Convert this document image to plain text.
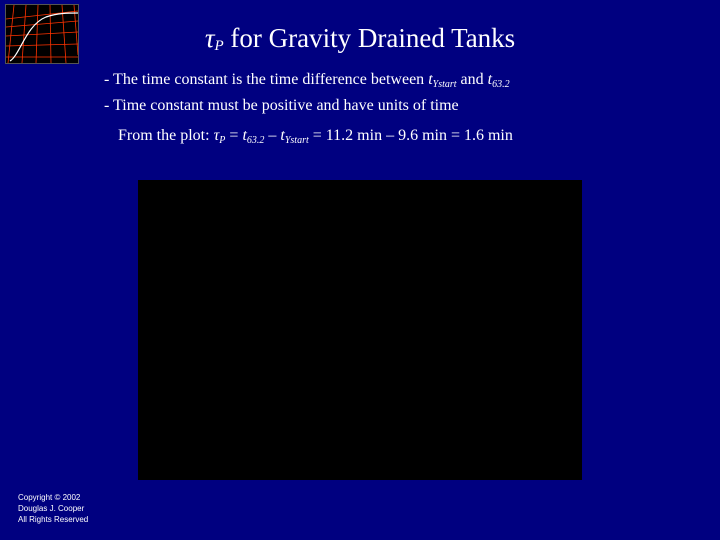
$\tau_P$ for Gravity Drained Tanks
- The time constant is the time difference between tYstart and t63.2
- Time constant must be positive and have units of time
From the plot: τP = t63.2 – tYstart = 11.2 min – 9.6 min = 1.6 min
Copyright © 2002
Douglas J. Cooper
All Rights Reserved
